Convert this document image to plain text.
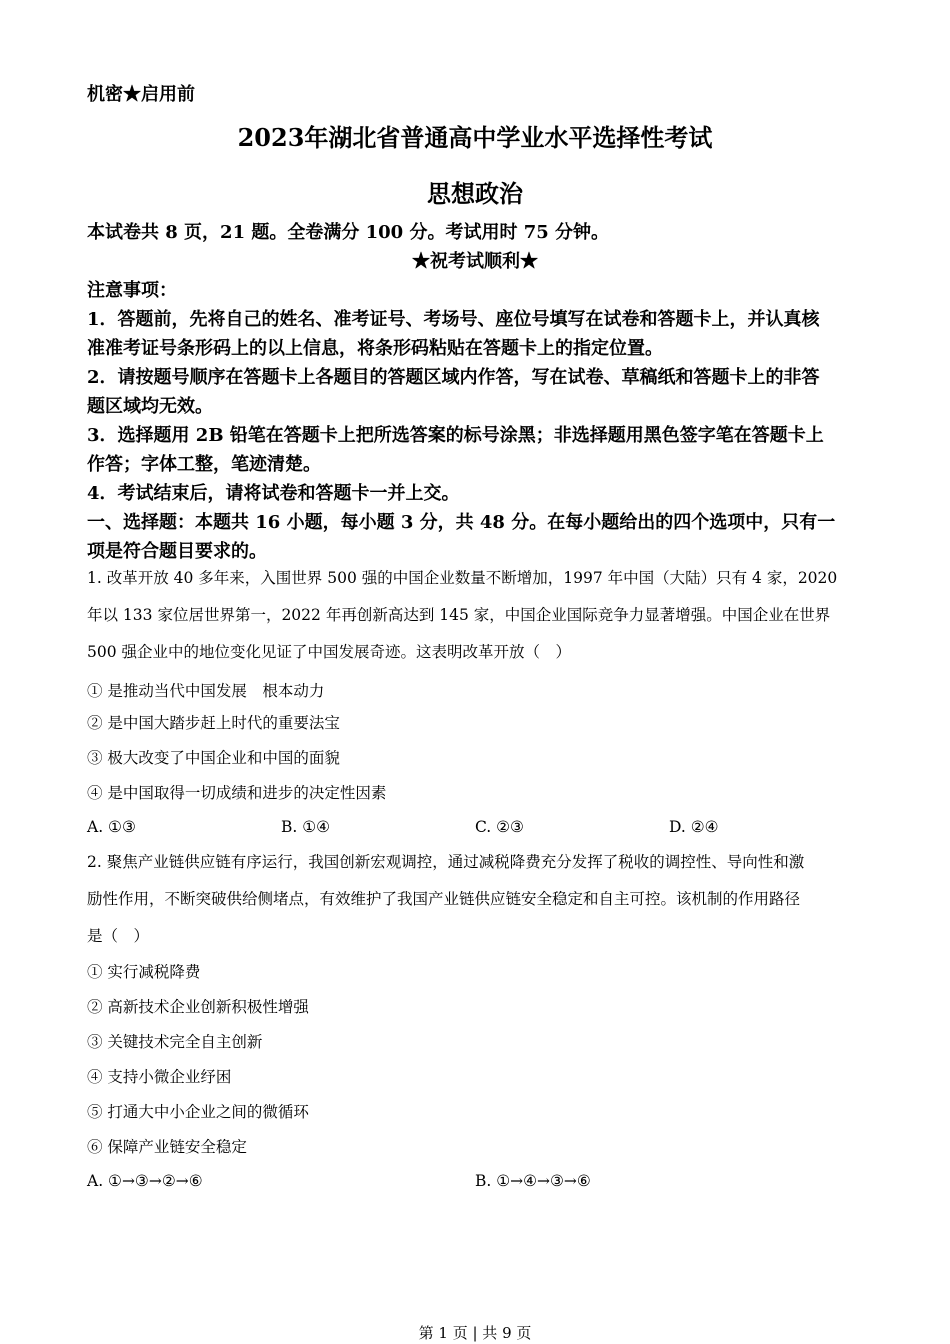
机密★启用前
2023年湖北省普通高中学业水平选择性考试
思想政治
本试卷共 8 页，21 题。全卷满分 100 分。考试用时 75 分钟。
★祝考试顺利★
注意事项：
1．答题前，先将自己的姓名、准考证号、考场号、座位号填写在试卷和答题卡上，并认真核
准准考证号条形码上的以上信息，将条形码粘贴在答题卡上的指定位置。
2．请按题号顺序在答题卡上各题目的答题区域内作答，写在试卷、草稿纸和答题卡上的非答
题区域均无效。
3．选择题用 2B 铅笔在答题卡上把所选答案的标号涂黑；非选择题用黑色签字笔在答题卡上
作答；字体工整，笔迹清楚。
4．考试结束后，请将试卷和答题卡一并上交。
一、选择题：本题共 16 小题，每小题 3 分，共 48 分。在每小题给出的四个选项中，只有一
项是符合题目要求的。
1. 改革开放 40 多年来，入围世界 500 强的中国企业数量不断增加，1997 年中国（大陆）只有 4 家，2020
年以 133 家位居世界第一，2022 年再创新高达到 145 家，中国企业国际竞争力显著增强。中国企业在世界
500 强企业中的地位变化见证了中国发展奇迹。这表明改革开放（　）
① 是推动当代中国发展　根本动力
② 是中国大踏步赶上时代的重要法宝
③ 极大改变了中国企业和中国的面貌
④ 是中国取得一切成绩和进步的决定性因素
A. ①③	B. ①④	C. ②③	D. ②④
2. 聚焦产业链供应链有序运行，我国创新宏观调控，通过减税降费充分发挥了税收的调控性、导向性和激
励性作用，不断突破供给侧堵点，有效维护了我国产业链供应链安全稳定和自主可控。该机制的作用路径
是（　）
① 实行减税降费
② 高新技术企业创新积极性增强
③ 关键技术完全自主创新
④ 支持小微企业纾困
⑤ 打通大中小企业之间的微循环
⑥ 保障产业链安全稳定
A. ①→③→②→⑥	B. ①→④→③→⑥
第 1 页 | 共 9 页
